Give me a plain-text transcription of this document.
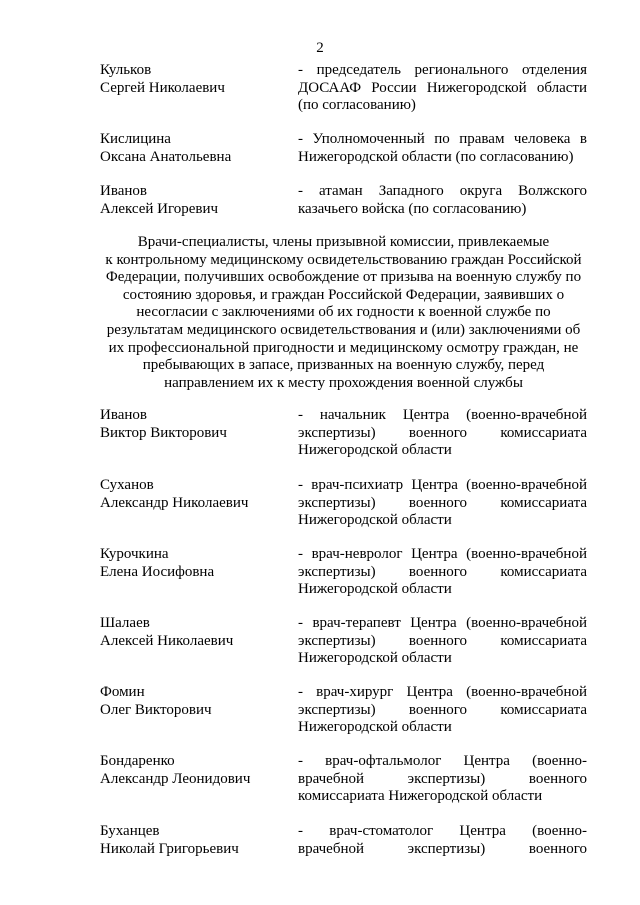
2
Кульков
Сергей Николаевич
- председатель регионального отделения
ДОСААФ России Нижегородской области
(по согласованию)
Кислицина
Оксана Анатольевна
- Уполномоченный по правам человека в
Нижегородской области (по согласованию)
Иванов
Алексей Игоревич
- атаман Западного округа Волжского
казачьего войска (по согласованию)
Врачи-специалисты, члены призывной комиссии, привлекаемые
к контрольному медицинскому освидетельствованию граждан Российской
Федерации, получивших освобождение от призыва на военную службу по
состоянию здоровья, и граждан Российской Федерации, заявивших о
несогласии с заключениями об их годности к военной службе по
результатам медицинского освидетельствования и (или) заключениями об
их профессиональной пригодности и медицинскому осмотру граждан, не
пребывающих в запасе, призванных на военную службу, перед
направлением их к месту прохождения военной службы
Иванов
Виктор Викторович
- начальник Центра (военно-врачебной
экспертизы) военного комиссариата
Нижегородской области
Суханов
Александр Николаевич
- врач-психиатр Центра (военно-врачебной
экспертизы) военного комиссариата
Нижегородской области
Курочкина
Елена Иосифовна
- врач-невролог Центра (военно-врачебной
экспертизы) военного комиссариата
Нижегородской области
Шалаев
Алексей Николаевич
- врач-терапевт Центра (военно-врачебной
экспертизы) военного комиссариата
Нижегородской области
Фомин
Олег Викторович
- врач-хирург Центра (военно-врачебной
экспертизы) военного комиссариата
Нижегородской области
Бондаренко
Александр Леонидович
- врач-офтальмолог Центра (военно-
врачебной экспертизы) военного
комиссариата Нижегородской области
Буханцев
Николай Григорьевич
- врач-стоматолог Центра (военно-
врачебной экспертизы) военного
